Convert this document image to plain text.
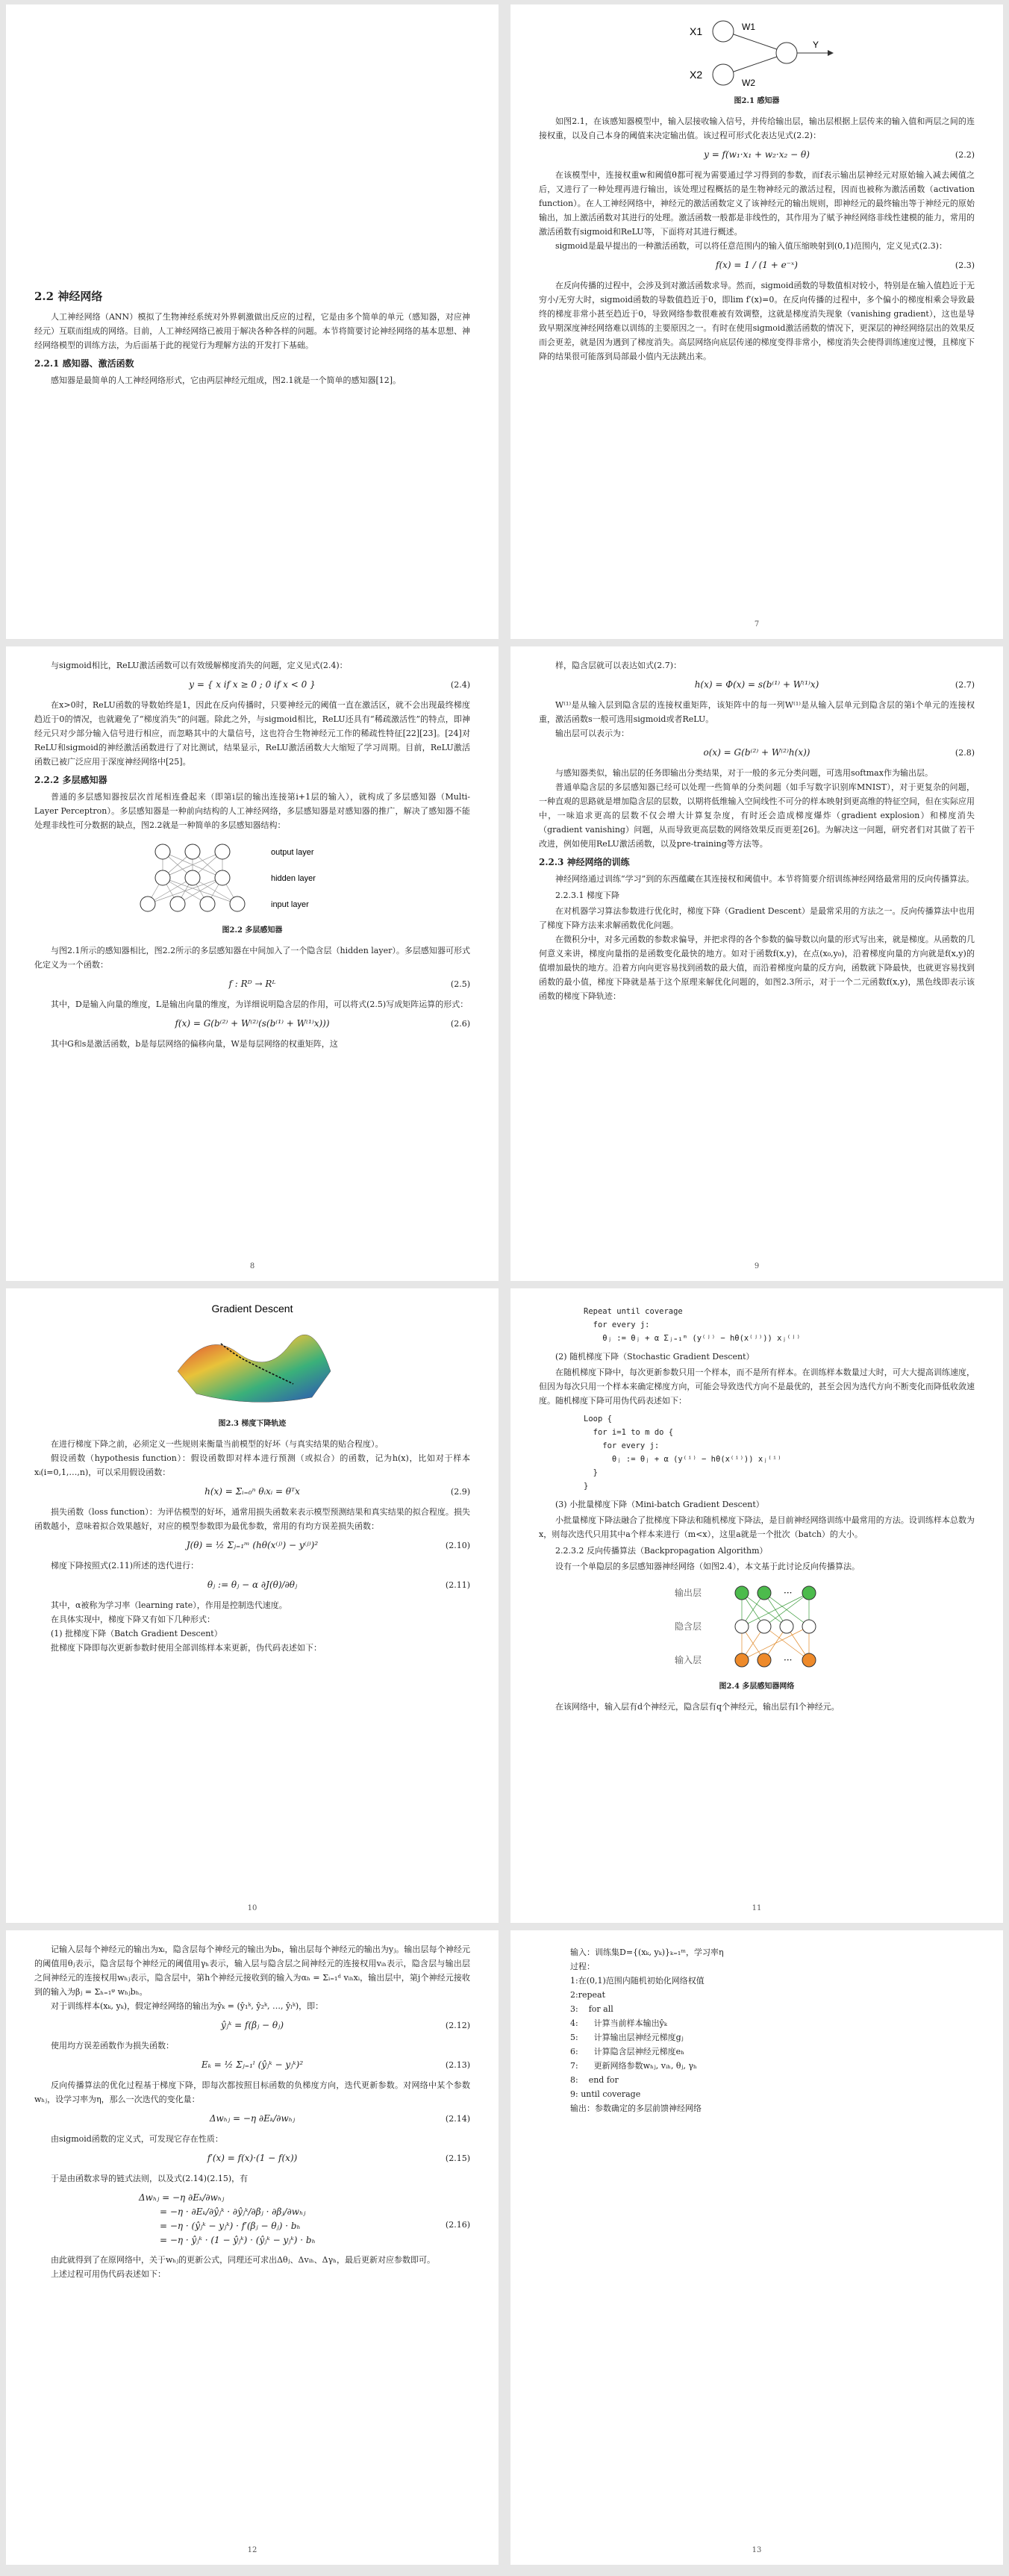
2.2 神经网络

人工神经网络（ANN）模拟了生物神经系统对外界刺激做出反应的过程，它是由多个简单的单元（感知器，对应神经元）互联而组成的网络。目前，人工神经网络已被用于解决各种各样的问题。本节将简要讨论神经网络的基本思想、神经网络模型的训练方法，为后面基于此的视觉行为理解方法的开发打下基础。

2.2.1 感知器、激活函数

感知器是最简单的人工神经网络形式，它由两层神经元组成，图2.1就是一个简单的感知器[12]。

X1
X2
W1
W2
Y
图2.1 感知器

如图2.1，在该感知器模型中，输入层接收输入信号，并传给输出层，输出层根据上层传来的输入值和两层之间的连接权重，以及自己本身的阈值来决定输出值。该过程可形式化表达见式(2.2)：

y = f(w₁·x₁ + w₂·x₂ − θ)	(2.2)

在该模型中，连接权重w和阈值θ都可视为需要通过学习得到的参数，而f表示输出层神经元对原始输入减去阈值之后，又进行了一种处理再进行输出，该处理过程概括的是生物神经元的激活过程，因而也被称为激活函数（activation function）。在人工神经网络中，神经元的激活函数定义了该神经元的输出规则，即神经元的最终输出等于神经元的原始输出，加上激活函数对其进行的处理。激活函数一般都是非线性的，其作用为了赋予神经网络非线性建模的能力，常用的激活函数有sigmoid和ReLU等，下面将对其进行概述。

sigmoid是最早提出的一种激活函数，可以将任意范围内的输入值压缩映射到(0,1)范围内，定义见式(2.3)：

f(x) = 1 / (1 + e⁻ˣ)	(2.3)

在反向传播的过程中，会涉及到对激活函数求导。然而，sigmoid函数的导数值相对较小，特别是在输入值趋近于无穷小/无穷大时，sigmoid函数的导数值趋近于0，即lim f′(x)=0。在反向传播的过程中，多个偏小的梯度相乘会导致最终的梯度非常小甚至趋近于0，导致网络参数很难被有效调整，这就是梯度消失现象（vanishing gradient），这也是导致早期深度神经网络难以训练的主要原因之一。有时在使用sigmoid激活函数的情况下，更深层的神经网络层出的效果反而会更差，就是因为遇到了梯度消失。高层网络向底层传递的梯度变得非常小，梯度消失会使得训练速度过慢，且梯度下降的结果很可能落到局部最小值内无法跳出来。

7

与sigmoid相比，ReLU激活函数可以有效缓解梯度消失的问题，定义见式(2.4)：

y = { x if x ≥ 0 ; 0 if x < 0 }	(2.4)

在x>0时，ReLU函数的导数始终是1，因此在反向传播时，只要神经元的阈值一直在激活区，就不会出现最终梯度趋近于0的情况，也就避免了“梯度消失”的问题。除此之外，与sigmoid相比，ReLU还具有“稀疏激活性”的特点，即神经元只对少部分输入信号进行相应，而忽略其中的大量信号，这也符合生物神经元工作的稀疏性特征[22][23]。[24]对ReLU和sigmoid的神经激活函数进行了对比测试，结果显示，ReLU激活函数大大缩短了学习周期。目前，ReLU激活函数已被广泛应用于深度神经网络中[25]。

2.2.2 多层感知器

普通的多层感知器按层次首尾相连叠起来（即第i层的输出连接第i+1层的输入），就构成了多层感知器（Multi-Layer Perceptron）。多层感知器是一种前向结构的人工神经网络，多层感知器是对感知器的推广，解决了感知器不能处理非线性可分数据的缺点，图2.2就是一种简单的多层感知器结构：

output layer
hidden layer
input layer
图2.2 多层感知器

与图2.1所示的感知器相比，图2.2所示的多层感知器在中间加入了一个隐含层（hidden layer）。多层感知器可形式化定义为一个函数：

f : Rᴰ → Rᴸ	(2.5)

其中，D是输入向量的维度，L是输出向量的维度，为详细说明隐含层的作用，可以将式(2.5)写成矩阵运算的形式：

f(x) = G(b⁽²⁾ + W⁽²⁾(s(b⁽¹⁾ + W⁽¹⁾x)))	(2.6)

其中G和s是激活函数，b是每层网络的偏移向量，W是每层网络的权重矩阵，这

8

样，隐含层就可以表达如式(2.7)：

h(x) = Φ(x) = s(b⁽¹⁾ + W⁽¹⁾x)	(2.7)

W⁽¹⁾是从输入层到隐含层的连接权重矩阵，该矩阵中的每一列W⁽¹⁾是从输入层单元到隐含层的第i个单元的连接权重，激活函数s一般可选用sigmoid或者ReLU。

输出层可以表示为：

o(x) = G(b⁽²⁾ + W⁽²⁾h(x))	(2.8)

与感知器类似，输出层的任务即输出分类结果，对于一般的多元分类问题，可选用softmax作为输出层。

普通单隐含层的多层感知器已经可以处理一些简单的分类问题（如手写数字识别库MNIST），对于更复杂的问题，一种直观的思路就是增加隐含层的层数，以期将低维输入空间线性不可分的样本映射到更高维的特征空间，但在实际应用中，一味追求更高的层数不仅会增大计算复杂度，有时还会造成梯度爆炸（gradient explosion）和梯度消失（gradient vanishing）问题，从而导致更高层数的网络效果反而更差[26]。为解决这一问题，研究者们对其做了若干改进，例如使用ReLU激活函数，以及pre-training等方法等。

2.2.3 神经网络的训练

神经网络通过训练“学习”到的东西蕴藏在其连接权和阈值中。本节将简要介绍训练神经网络最常用的反向传播算法。

2.2.3.1 梯度下降

在对机器学习算法参数进行优化时，梯度下降（Gradient Descent）是最常采用的方法之一。反向传播算法中也用了梯度下降方法来求解函数优化问题。

在微积分中，对多元函数的参数求偏导，并把求得的各个参数的偏导数以向量的形式写出来，就是梯度。从函数的几何意义来讲，梯度向量指的是函数变化最快的地方。如对于函数f(x,y)，在点(x₀,y₀)，沿着梯度向量的方向就是f(x,y)的值增加最快的地方。沿着方向向更容易找到函数的最大值，而沿着梯度向量的反方向，函数就下降最快，也就更容易找到函数的最小值，梯度下降就是基于这个原理来解优化问题的，如图2.3所示，对于一个二元函数f(x,y)，黑色线即表示该函数的梯度下降轨迹：

9
Gradient Descent
图2.3 梯度下降轨迹

在进行梯度下降之前，必须定义一些规则来衡量当前模型的好坏（与真实结果的贴合程度）。

假设函数（hypothesis function）：假设函数即对样本进行预测（或拟合）的函数，记为h(x)，比如对于样本xᵢ(i=0,1,…,n)，可以采用假设函数：

h(x) = Σᵢ₌₀ⁿ θᵢxᵢ = θᵀx	(2.9)

损失函数（loss function）：为评估模型的好坏，通常用损失函数来表示模型预测结果和真实结果的拟合程度。损失函数越小，意味着拟合效果越好，对应的模型参数即为最优参数，常用的有均方误差损失函数：

J(θ) = ½ Σⱼ₌₁ᵐ (hθ(x⁽ʲ⁾) − y⁽ʲ⁾)²	(2.10)

梯度下降按照式(2.11)所述的迭代进行：

θⱼ := θⱼ − α ∂J(θ)/∂θⱼ	(2.11)

其中，α被称为学习率（learning rate），作用是控制迭代速度。

在具体实现中，梯度下降又有如下几种形式：

(1) 批梯度下降（Batch Gradient Descent）

批梯度下降即每次更新参数时使用全部训练样本来更新，伪代码表述如下：

10
Repeat until coverage
for every j:
θⱼ := θⱼ + α Σⱼ₌₁ᵐ (y⁽ʲ⁾ − hθ(x⁽ʲ⁾)) xⱼ⁽ʲ⁾
(2) 随机梯度下降（Stochastic Gradient Descent）

在随机梯度下降中，每次更新参数只用一个样本，而不是所有样本。在训练样本数量过大时，可大大提高训练速度，但因为每次只用一个样本来确定梯度方向，可能会导致迭代方向不是最优的，甚至会因为选代方向不断变化而降低收敛速度。随机梯度下降可用伪代码表述如下：

Loop {
for i=1 to m do {
for every j:
θⱼ := θⱼ + α (y⁽ⁱ⁾ − hθ(x⁽ⁱ⁾)) xⱼ⁽ⁱ⁾
}
}
(3) 小批量梯度下降（Mini-batch Gradient Descent）

小批量梯度下降法融合了批梯度下降法和随机梯度下降法，是目前神经网络训练中最常用的方法。设训练样本总数为x，则每次迭代只用其中a个样本来进行（m<x），这里a就是一个批次（batch）的大小。

2.2.3.2 反向传播算法（Backpropagation Algorithm）

设有一个单隐层的多层感知器神经网络（如图2.4），本文基于此讨论反向传播算法。

···
···
输出层
隐含层
输入层
图2.4 多层感知器网络

在该网络中，输入层有d个神经元，隐含层有q个神经元，输出层有l个神经元。

11

记输入层每个神经元的输出为xᵢ，隐含层每个神经元的输出为bₕ，输出层每个神经元的输出为yⱼ。输出层每个神经元的阈值用θⱼ表示，隐含层每个神经元的阈值用γₕ表示，输入层与隐含层之间神经元的连接权用vᵢₕ表示，隐含层与输出层之间神经元的连接权用wₕⱼ表示，隐含层中，第h个神经元接收到的输入为αₕ = Σᵢ₌₁ᵈ vᵢₕxᵢ，输出层中，第j个神经元接收到的输入为βⱼ = Σₕ₌₁ᵠ wₕⱼbₕ。

对于训练样本(xₖ, yₖ)，假定神经网络的输出为ŷₖ = (ŷ₁ᵏ, ŷ₂ᵏ, …, ŷₗᵏ)，即：

ŷⱼᵏ = f(βⱼ − θⱼ)	(2.12)

使用均方误差函数作为损失函数：

Eₖ = ½ Σⱼ₌₁ˡ (ŷⱼᵏ − yⱼᵏ)²	(2.13)

反向传播算法的优化过程基于梯度下降，即每次都按照目标函数的负梯度方向，迭代更新参数。对网络中某个参数wₕⱼ，设学习率为η，那么一次迭代的变化量：

Δwₕⱼ = −η ∂Eₖ/∂wₕⱼ	(2.14)

由sigmoid函数的定义式，可发现它存在性质：

f′(x) = f(x)·(1 − f(x))	(2.15)

于是由函数求导的链式法则，以及式(2.14)(2.15)，有

Δwₕⱼ = −η ∂Eₖ/∂wₕⱼ
= −η · ∂Eₖ/∂ŷⱼᵏ · ∂ŷⱼᵏ/∂βⱼ · ∂βⱼ/∂wₕⱼ
= −η · (ŷⱼᵏ − yⱼᵏ) · f′(βⱼ − θⱼ) · bₕ
= −η · ŷⱼᵏ · (1 − ŷⱼᵏ) · (ŷⱼᵏ − yⱼᵏ) · bₕ
(2.16)

由此就得到了在原网络中，关于wₕⱼ的更新公式，同理还可求出Δθⱼ、Δvᵢₕ、Δγₕ，最后更新对应参数即可。

上述过程可用伪代码表述如下：

12
输入：训练集D={(xₖ, yₖ)}ₖ₌₁ᵐ，学习率η
过程：
1:在(0,1)范围内随机初始化网络权值
2:repeat
3:    for all
4:      计算当前样本输出ŷₖ
5:      计算输出层神经元梯度gⱼ
6:      计算隐含层神经元梯度eₕ
7:      更新网络参数wₕⱼ, vᵢₕ, θⱼ, γₕ
8:    end for
9: until coverage
输出：参数确定的多层前馈神经网络
13
